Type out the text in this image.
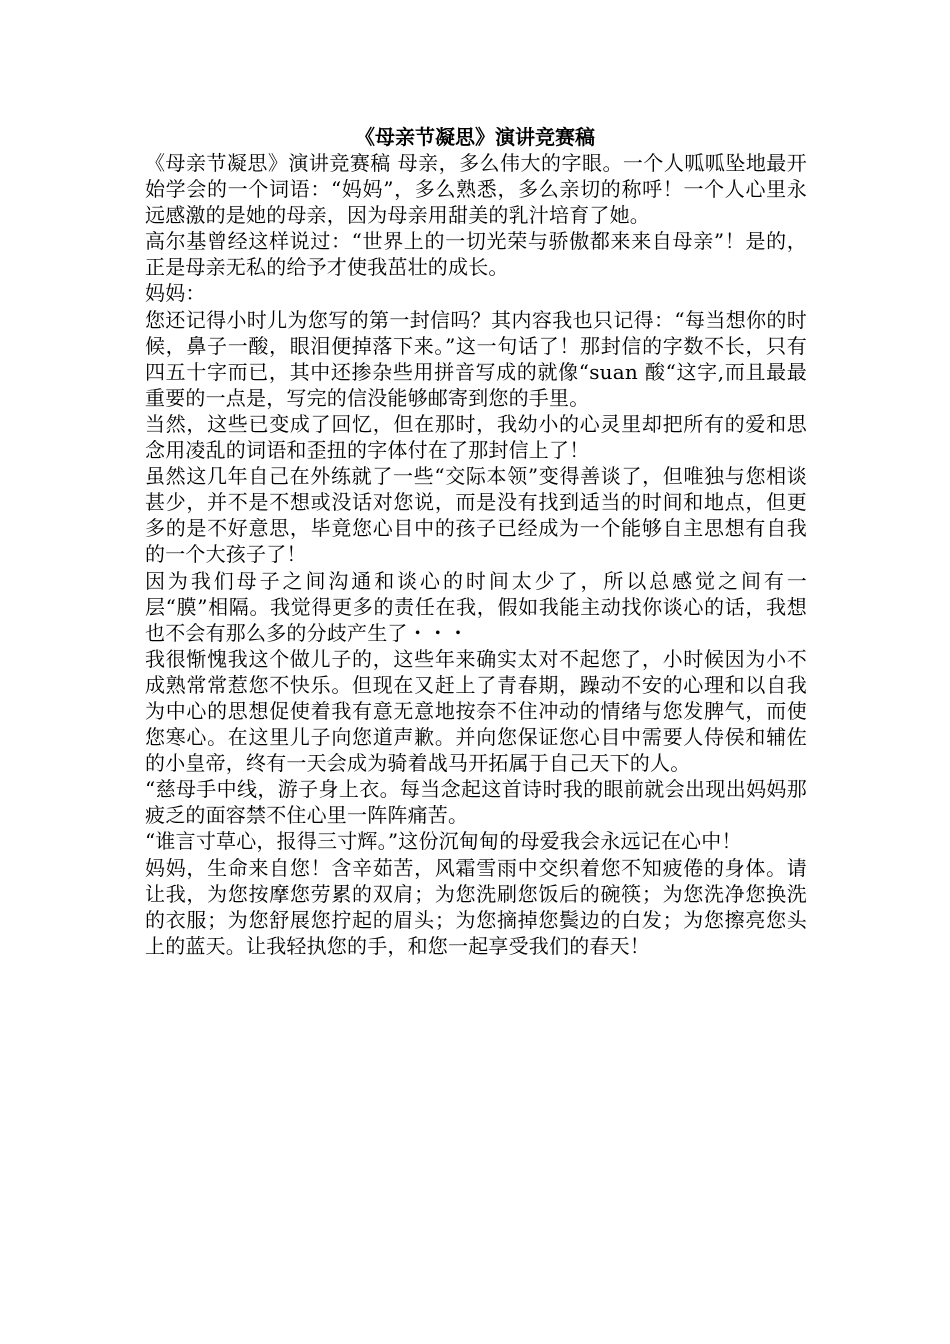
《母亲节凝思》演讲竞赛稿

《母亲节凝思》演讲竞赛稿 母亲，多么伟大的字眼。一个人呱呱坠地最开始学会的一个词语：“妈妈”，多么熟悉，多么亲切的称呼！一个人心里永远感激的是她的母亲，因为母亲用甜美的乳汁培育了她。

高尔基曾经这样说过：“世界上的一切光荣与骄傲都来来自母亲”！是的，正是母亲无私的给予才使我茁壮的成长。

妈妈：

您还记得小时儿为您写的第一封信吗？其内容我也只记得：“每当想你的时候，鼻子一酸，眼泪便掉落下来。”这一句话了！那封信的字数不长，只有四五十字而已，其中还掺杂些用拼音写成的就像“suan 酸“这字,而且最最重要的一点是，写完的信没能够邮寄到您的手里。

当然，这些已变成了回忆，但在那时，我幼小的心灵里却把所有的爱和思念用凌乱的词语和歪扭的字体付在了那封信上了！

虽然这几年自己在外练就了一些“交际本领”变得善谈了，但唯独与您相谈甚少，并不是不想或没话对您说，而是没有找到适当的时间和地点，但更多的是不好意思，毕竟您心目中的孩子已经成为一个能够自主思想有自我的一个大孩子了！

因为我们母子之间沟通和谈心的时间太少了，所以总感觉之间有一层“膜”相隔。我觉得更多的责任在我，假如我能主动找你谈心的话，我想也不会有那么多的分歧产生了・・・

我很惭愧我这个做儿子的，这些年来确实太对不起您了，小时候因为小不成熟常常惹您不快乐。但现在又赶上了青春期，躁动不安的心理和以自我为中心的思想促使着我有意无意地按奈不住冲动的情绪与您发脾气，而使您寒心。在这里儿子向您道声歉。并向您保证您心目中需要人侍侯和辅佐的小皇帝，终有一天会成为骑着战马开拓属于自己天下的人。

“慈母手中线，游子身上衣。每当念起这首诗时我的眼前就会出现出妈妈那疲乏的面容禁不住心里一阵阵痛苦。

“谁言寸草心，报得三寸辉。”这份沉甸甸的母爱我会永远记在心中！

妈妈，生命来自您！含辛茹苦，风霜雪雨中交织着您不知疲倦的身体。请让我，为您按摩您劳累的双肩；为您洗刷您饭后的碗筷；为您洗净您换洗的衣服；为您舒展您拧起的眉头；为您摘掉您鬓边的白发；为您擦亮您头上的蓝天。让我轻执您的手，和您一起享受我们的春天！
